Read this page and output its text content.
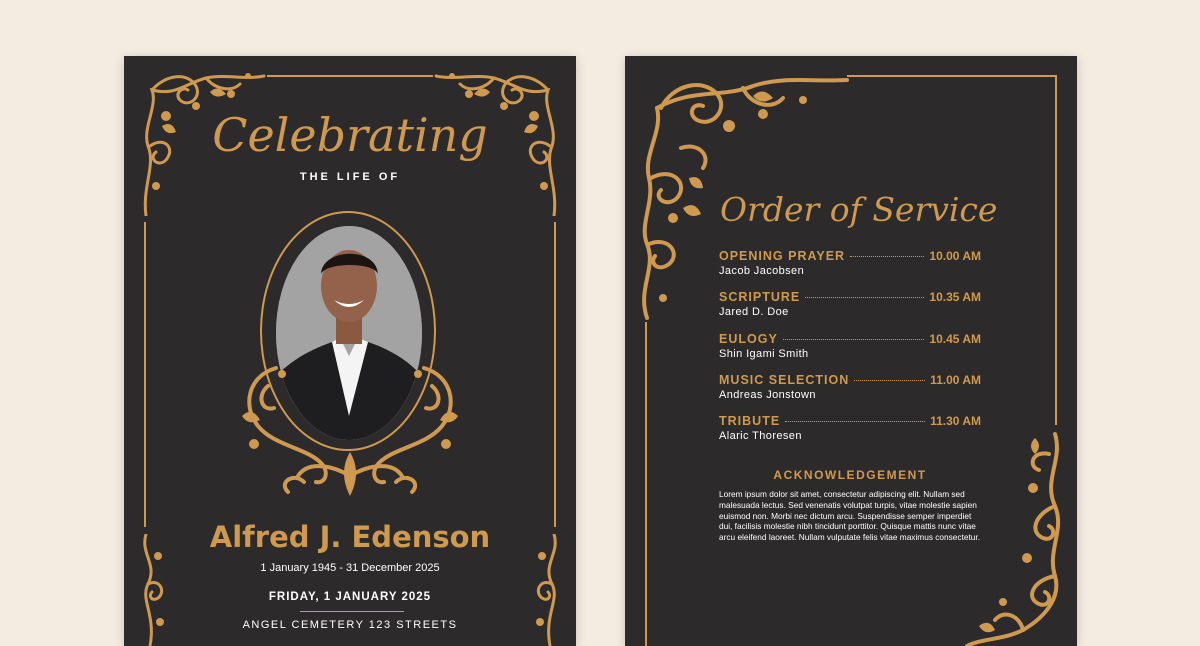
Celebrating
THE LIFE OF
Alfred J. Edenson
1 January 1945 - 31 December 2025
FRIDAY, 1 JANUARY 2025
ANGEL CEMETERY 123 STREETS
Order of Service
OPENING PRAYER	10.00 AM
Jacob Jacobsen
SCRIPTURE	10.35 AM
Jared D. Doe
EULOGY	10.45 AM
Shin Igami Smith
MUSIC SELECTION	11.00 AM
Andreas Jonstown
TRIBUTE	11.30 AM
Alaric Thoresen
ACKNOWLEDGEMENT
Lorem ipsum dolor sit amet, consectetur adipiscing elit. Nullam sed malesuada lectus. Sed venenatis volutpat turpis, vitae molestie sapien euismod non. Morbi nec dictum arcu. Suspendisse semper imperdiet dui, facilisis molestie nibh tincidunt porttitor. Quisque mattis nunc vitae arcu eleifend laoreet. Nullam vulputate felis vitae maximus consectetur.
